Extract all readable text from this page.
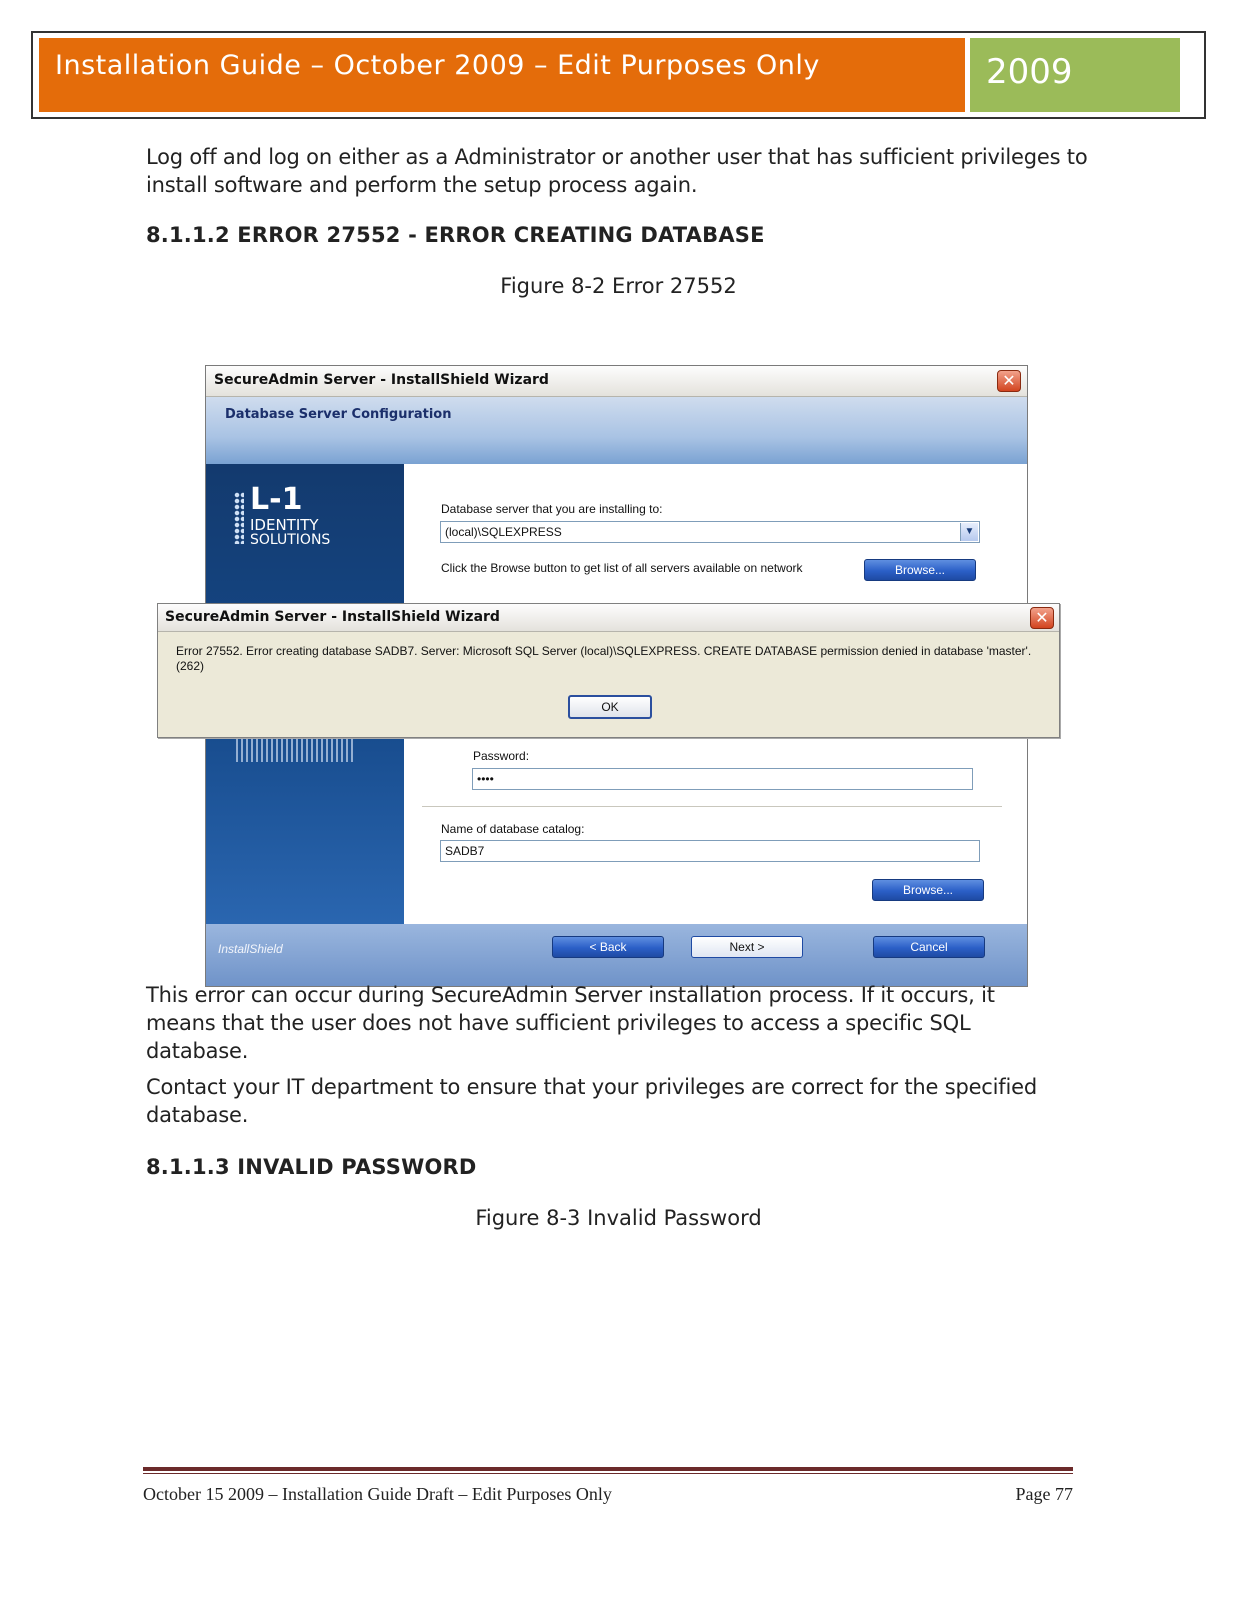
Installation Guide – October 2009 – Edit Purposes Only	2009

Log off and log on either as a Administrator or another user that has sufficient privileges to install software and perform the setup process again.

8.1.1.2 ERROR 27552 - ERROR CREATING DATABASE
Figure 8-2 Error 27552
SecureAdmin Server - InstallShield Wizard	✕
Database Server Configuration
L-1
IDENTITY
SOLUTIONS
Database server that you are installing to:
(local)\SQLEXPRESS	▼
Click the Browse button to get list of all servers available on network	Browse...
Password:
••••
Name of database catalog:
SADB7
Browse...
InstallShield	< Back	Next >	Cancel
SecureAdmin Server - InstallShield Wizard	✕

Error 27552. Error creating database SADB7. Server: Microsoft SQL Server (local)\SQLEXPRESS. CREATE DATABASE permission denied in database 'master'. (262)

OK

This error can occur during SecureAdmin Server installation process. If it occurs, it means that the user does not have sufficient privileges to access a specific SQL database.

Contact your IT department to ensure that your privileges are correct for the specified database.

8.1.1.3 INVALID PASSWORD
Figure 8-3 Invalid Password
October 15 2009 – Installation Guide Draft – Edit Purposes Only	Page 77
